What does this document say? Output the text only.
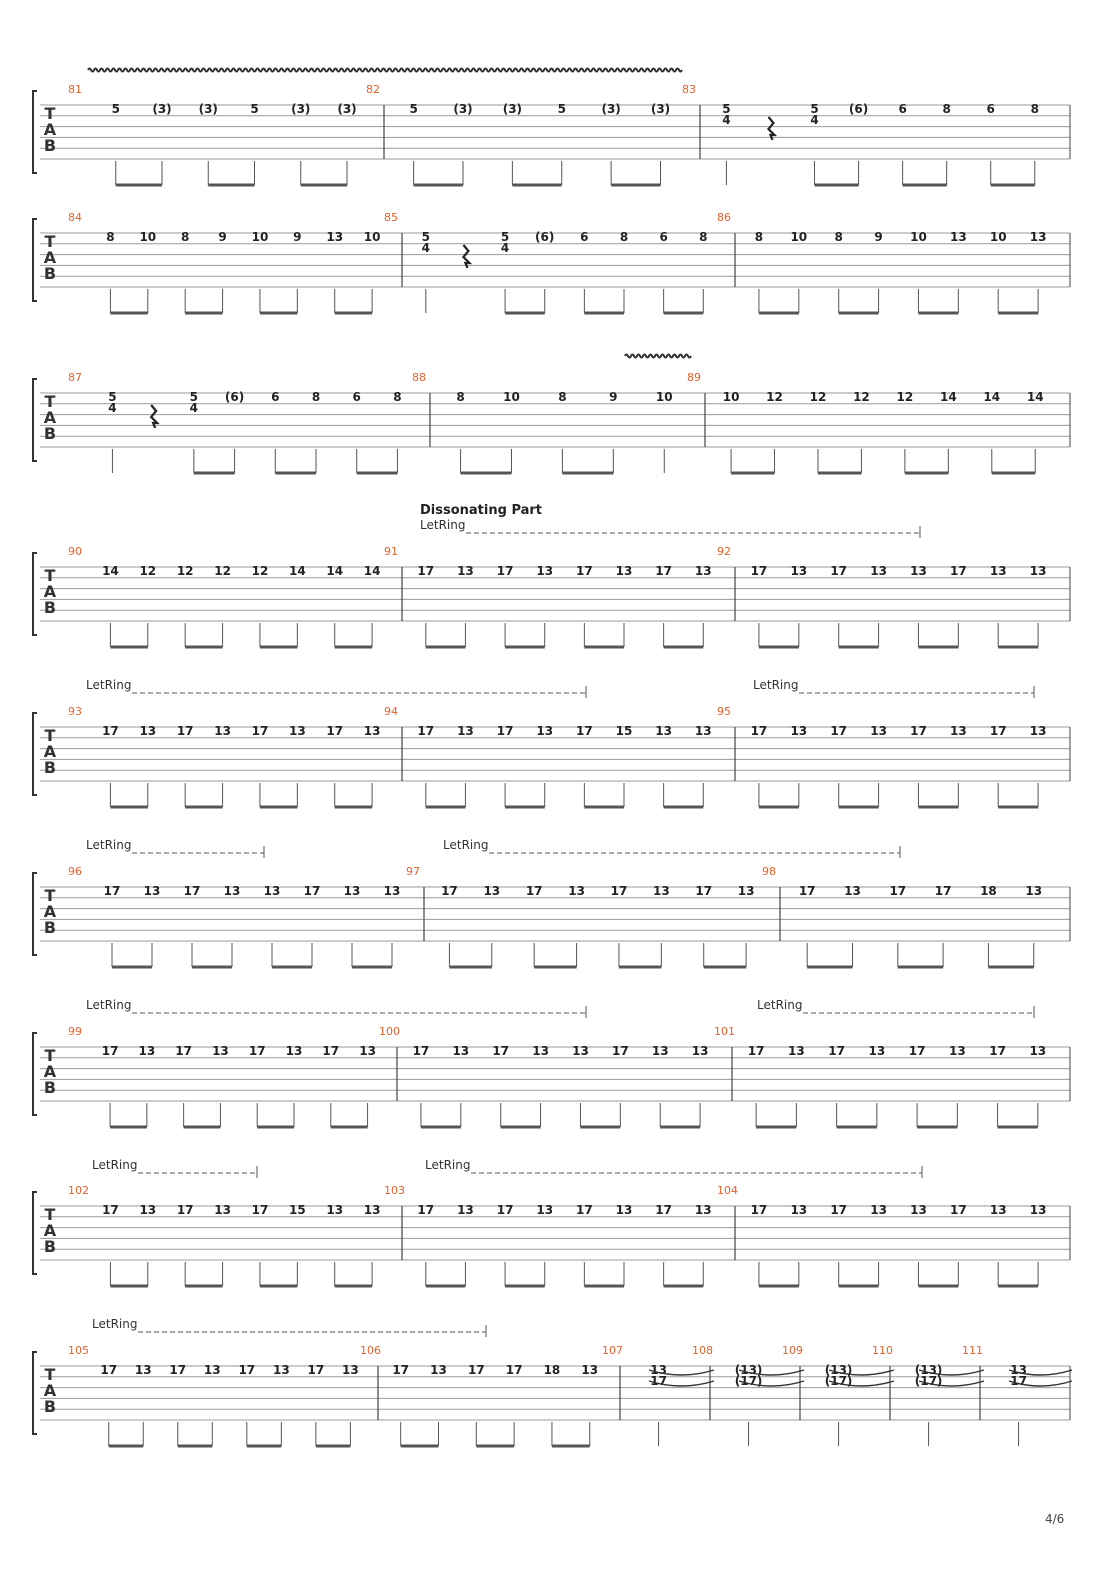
4/6
T
A
B
81
5	(3) (3)	5	(3) (3)
82
5	(3)	(3)	5	(3)	(3)
83
5
4
5
4
(6)	6	8	6	8
T
A
B
84
8 10 8 9 10 9 13 10
85
5
4
5
4
(6) 6	8	6	8
86
8 10 8	9 10 13 10 13
T
A
B
87
5
4
5
4
(6) 6	8	6	8
88
8	10	8	9	10
89
10 12 12 12 12 14 14 14
T
A
B
Dissonating Part
LetRing
90
14 12 12 12 12 14 14 14
91
17 13 17 13 17 13 17 13
92
17 13 17 13 13 17 13 13
T
A
B
LetRing	LetRing
93
17 13 17 13 17 13 17 13
94
17 13 17 13 17 15 13 13
95
17 13 17 13 17 13 17 13
T
A
B
LetRing	LetRing
96
17 13 17 13 13 17 13 13
97
17 13 17 13 17 13 17 13
98
17 13 17 17 18 13
T
A
B
LetRing	LetRing
99
17 13 17 13 17 13 17 13
100
17 13 17 13 13 17 13 13
101
17 13 17 13 17 13 17 13
T
A
B
LetRing	LetRing
102
17 13 17 13 17 15 13 13
103
17 13 17 13 17 13 17 13
104
17 13 17 13 13 17 13 13
T
A
B
LetRing
105
17 13 17 13 17 13 17 13
106
17 13 17 17 18 13
107
13
17
108
(13)
(17)
109
(13)
(17)
110
(13)
(17)
111
13
17
